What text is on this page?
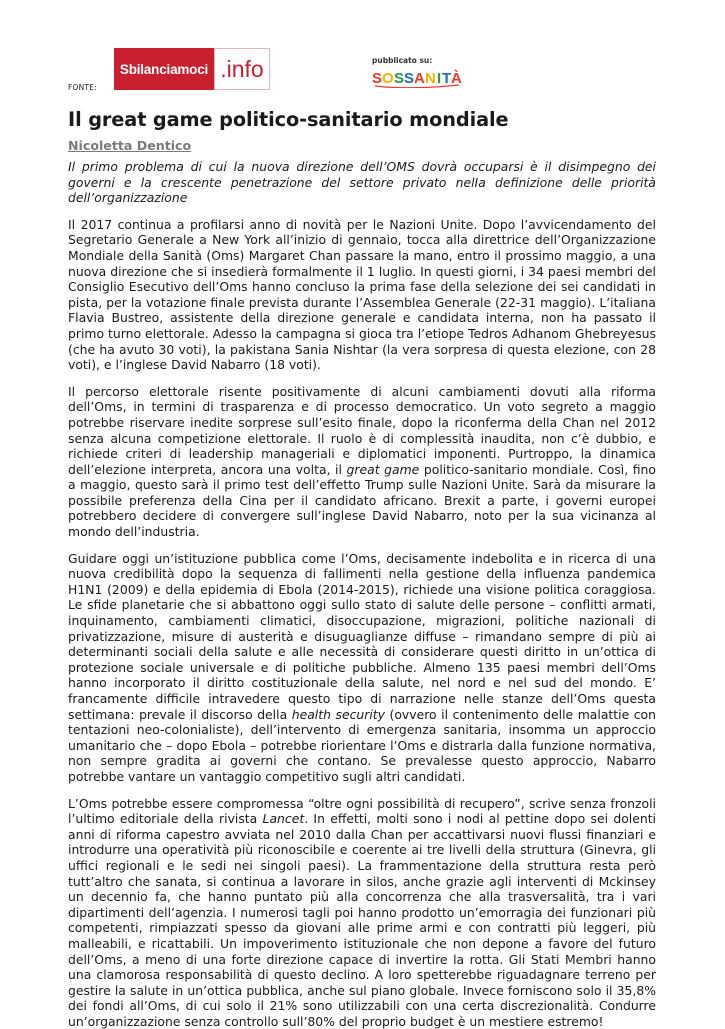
FONTE:
Sbilanciamoci .info	pubblicato su:
S O S S A N I T À
Il great game politico-sanitario mondiale
Nicoletta Dentico
Il primo problema di cui la nuova direzione dell’OMS dovrà occuparsi è il disimpegno dei governi e la crescente penetrazione del settore privato nelIa definizione delle priorità dell’organizzazione

Il 2017 continua a profilarsi anno di novità per le Nazioni Unite. Dopo l’avvicendamento del Segretario Generale a New York all’inizio di gennaio, tocca alla direttrice dell’Organizzazione Mondiale della Sanità (Oms) Margaret Chan passare la mano, entro il prossimo maggio, a una nuova direzione che si insedierà formalmente il 1 luglio. In questi giorni, i 34 paesi membri del Consiglio Esecutivo dell’Oms hanno concluso la prima fase della selezione dei sei candidati in pista, per la votazione finale prevista durante l’Assemblea Generale (22-31 maggio). L’italiana Flavia Bustreo, assistente della direzione generale e candidata interna, non ha passato il primo turno elettorale. Adesso la campagna si gioca tra l’etiope Tedros Adhanom Ghebreyesus (che ha avuto 30 voti), la pakistana Sania Nishtar (la vera sorpresa di questa elezione, con 28 voti), e l’inglese David Nabarro (18 voti).

Il percorso elettorale risente positivamente di alcuni cambiamenti dovuti alla riforma dell’Oms, in termini di trasparenza e di processo democratico. Un voto segreto a maggio potrebbe riservare inedite sorprese sull’esito finale, dopo la riconferma della Chan nel 2012 senza alcuna competizione elettorale. Il ruolo è di complessità inaudita, non c’è dubbio, e richiede criteri di leadership manageriali e diplomatici imponenti. Purtroppo, la dinamica dell’elezione interpreta, ancora una volta, il great game politico-sanitario mondiale. Così, fino a maggio, questo sarà il primo test dell’effetto Trump sulle Nazioni Unite. Sarà da misurare la possibile preferenza della Cina per il candidato africano. Brexit a parte, i governi europei potrebbero decidere di convergere sull’inglese David Nabarro, noto per la sua vicinanza al mondo dell’industria.

Guidare oggi un’istituzione pubblica come l’Oms, decisamente indebolita e in ricerca di una nuova credibilità dopo la sequenza di fallimenti nella gestione della influenza pandemica H1N1 (2009) e della epidemia di Ebola (2014-2015), richiede una visione politica coraggiosa. Le sfide planetarie che si abbattono oggi sullo stato di salute delle persone – conflitti armati, inquinamento, cambiamenti climatici, disoccupazione, migrazioni, politiche nazionali di privatizzazione, misure di austerità e disuguaglianze diffuse – rimandano sempre di più ai determinanti sociali della salute e alle necessità di considerare questi diritto in un’ottica di protezione sociale universale e di politiche pubbliche. Almeno 135 paesi membri dell’Oms hanno incorporato il diritto costituzionale della salute, nel nord e nel sud del mondo. E’ francamente difficile intravedere questo tipo di narrazione nelle stanze dell’Oms questa settimana: prevale il discorso della health security (ovvero il contenimento delle malattie con tentazioni neo-colonialiste), dell’intervento di emergenza sanitaria, insomma un approccio umanitario che – dopo Ebola – potrebbe riorientare l’Oms e distrarla dalla funzione normativa, non sempre gradita ai governi che contano. Se prevalesse questo approccio, Nabarro potrebbe vantare un vantaggio competitivo sugli altri candidati.

L’Oms potrebbe essere compromessa “oltre ogni possibilità di recupero”, scrive senza fronzoli l’ultimo editoriale della rivista Lancet. In effetti, molti sono i nodi al pettine dopo sei dolenti anni di riforma capestro avviata nel 2010 dalla Chan per accattivarsi nuovi flussi finanziari e introdurre una operatività più riconoscibile e coerente ai tre livelli della struttura (Ginevra, gli uffici regionali e le sedi nei singoli paesi). La frammentazione della struttura resta però tutt’altro che sanata, si continua a lavorare in silos, anche grazie agli interventi di Mckinsey un decennio fa, che hanno puntato più alla concorrenza che alla trasversalità, tra i vari dipartimenti dell’agenzia. I numerosi tagli poi hanno prodotto un’emorragia dei funzionari più competenti, rimpiazzati spesso da giovani alle prime armi e con contratti più leggeri, più malleabili, e ricattabili. Un impoverimento istituzionale che non depone a favore del futuro dell’Oms, a meno di una forte direzione capace di invertire la rotta. Gli Stati Membri hanno una clamorosa responsabilità di questo declino. A loro spetterebbe riguadagnare terreno per gestire la salute in un’ottica pubblica, anche sul piano globale. Invece forniscono solo il 35,8% dei fondi all’Oms, di cui solo il 21% sono utilizzabili con una certa discrezionalità. Condurre un’organizzazione senza controllo sull’80% del proprio budget è un mestiere estremo!
